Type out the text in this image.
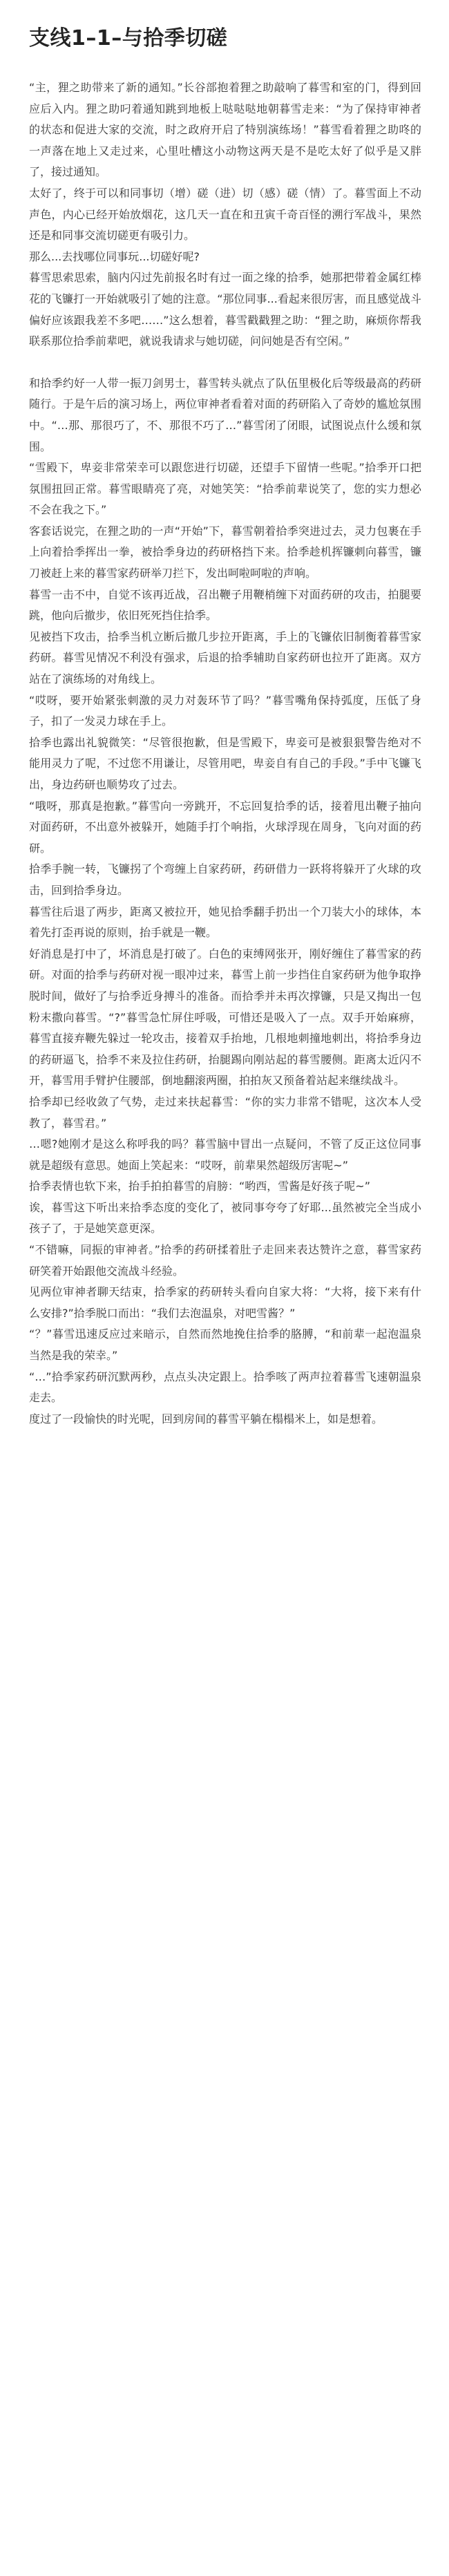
支线1–1–与拾季切磋

“主，狸之助带来了新的通知。”长谷部抱着狸之助敲响了暮雪和室的门，得到回应后入内。狸之助叼着通知跳到地板上哒哒哒地朝暮雪走来：“为了保持审神者的状态和促进大家的交流，时之政府开启了特别演练场！”暮雪看着狸之助咚的一声落在地上又走过来，心里吐槽这小动物这两天是不是吃太好了似乎是又胖了，接过通知。

太好了，终于可以和同事切（增）磋（进）切（感）磋（情）了。暮雪面上不动声色，内心已经开始放烟花，这几天一直在和丑寅千奇百怪的溯行军战斗，果然还是和同事交流切磋更有吸引力。

那么...去找哪位同事玩...切磋好呢?

暮雪思索思索，脑内闪过先前报名时有过一面之缘的拾季，她那把带着金属红棒花的飞镰打一开始就吸引了她的注意。“那位同事...看起来很厉害，而且感觉战斗偏好应该跟我差不多吧……”这么想着，暮雪戳戳狸之助：“狸之助，麻烦你帮我联系那位拾季前辈吧，就说我请求与她切磋，问问她是否有空闲。”

和拾季约好一人带一振刀剑男士，暮雪转头就点了队伍里极化后等级最高的药研随行。于是午后的演习场上，两位审神者看着对面的药研陷入了奇妙的尴尬氛围中。“…那、那很巧了，不、那很不巧了…”暮雪闭了闭眼，试图说点什么缓和氛围。

“雪殿下，卑妾非常荣幸可以跟您进行切磋，还望手下留情一些呢。”拾季开口把氛围扭回正常。暮雪眼睛亮了亮，对她笑笑：“拾季前辈说笑了，您的实力想必不会在我之下。”

客套话说完，在狸之助的一声“开始”下，暮雪朝着拾季突进过去，灵力包裹在手上向着拾季挥出一拳，被拾季身边的药研格挡下来。拾季趁机挥镰刺向暮雪，镰刀被赶上来的暮雪家药研举刀拦下，发出呵啦呵啦的声响。

暮雪一击不中，自觉不该再近战，召出鞭子用鞭梢缠下对面药研的攻击，拍腿要跳，他向后撤步，依旧死死挡住拾季。

见被挡下攻击，拾季当机立断后撤几步拉开距离，手上的飞镰依旧制衡着暮雪家药研。暮雪见情况不利没有强求，后退的拾季辅助自家药研也拉开了距离。双方站在了演练场的对角线上。

“哎呀，要开始紧张刺激的灵力对轰环节了吗？”暮雪嘴角保持弧度，压低了身子，扣了一发灵力球在手上。

拾季也露出礼貌微笑：“尽管很抱歉，但是雪殿下，卑妾可是被狠狠警告绝对不能用灵力了呢，不过您不用谦让，尽管用吧，卑妾自有自己的手段。”手中飞镰飞出，身边药研也顺势攻了过去。

“哦呀，那真是抱歉。”暮雪向一旁跳开，不忘回复拾季的话，接着甩出鞭子抽向对面药研，不出意外被躲开，她随手打个响指，火球浮现在周身，飞向对面的药研。

拾季手腕一转，飞镰拐了个弯缠上自家药研，药研借力一跃将将躲开了火球的攻击，回到拾季身边。

暮雪往后退了两步，距离又被拉开，她见拾季翻手扔出一个刀装大小的球体，本着先打歪再说的原则，抬手就是一鞭。

好消息是打中了，坏消息是打破了。白色的束缚网张开，刚好缠住了暮雪家的药研。对面的拾季与药研对视一眼冲过来，暮雪上前一步挡住自家药研为他争取挣脱时间，做好了与拾季近身搏斗的准备。而拾季并未再次撑镰，只是又掏出一包粉末撒向暮雪。“?”暮雪急忙屏住呼吸，可惜还是吸入了一点。双手开始麻痹，暮雪直接弃鞭先躲过一轮攻击，接着双手抬地，几根地刺撞地刺出，将拾季身边的药研逼飞，拾季不来及拉住药研，抬腿踢向刚站起的暮雪腰侧。距离太近闪不开，暮雪用手臂护住腰部，倒地翻滚两圈，拍拍灰又预备着站起来继续战斗。

拾季却已经收敛了气势，走过来扶起暮雪：“你的实力非常不错呢，这次本人受教了，暮雪君。”

…嗯?她刚才是这么称呼我的吗？暮雪脑中冒出一点疑问，不管了反正这位同事就是超级有意思。她面上笑起来：“哎呀，前辈果然超级厉害呢~”

拾季表情也软下来，抬手拍拍暮雪的肩膀：“哟西，雪酱是好孩子呢~”

诶，暮雪这下听出来拾季态度的变化了，被同事夸夸了好耶...虽然被完全当成小孩子了，于是她笑意更深。

“不错嘛，同振的审神者。”拾季的药研揉着肚子走回来表达赞许之意，暮雪家药研笑着开始跟他交流战斗经验。

见两位审神者聊天结束，拾季家的药研转头看向自家大将：“大将，接下来有什么安排?”拾季脱口而出：“我们去泡温泉，对吧雪酱？”

“？”暮雪迅速反应过来暗示，自然而然地挽住拾季的胳膊，“和前辈一起泡温泉当然是我的荣幸。”

“…”拾季家药研沉默两秒，点点头决定跟上。拾季咳了两声拉着暮雪飞速朝温泉走去。

度过了一段愉快的时光呢，回到房间的暮雪平躺在榻榻米上，如是想着。
